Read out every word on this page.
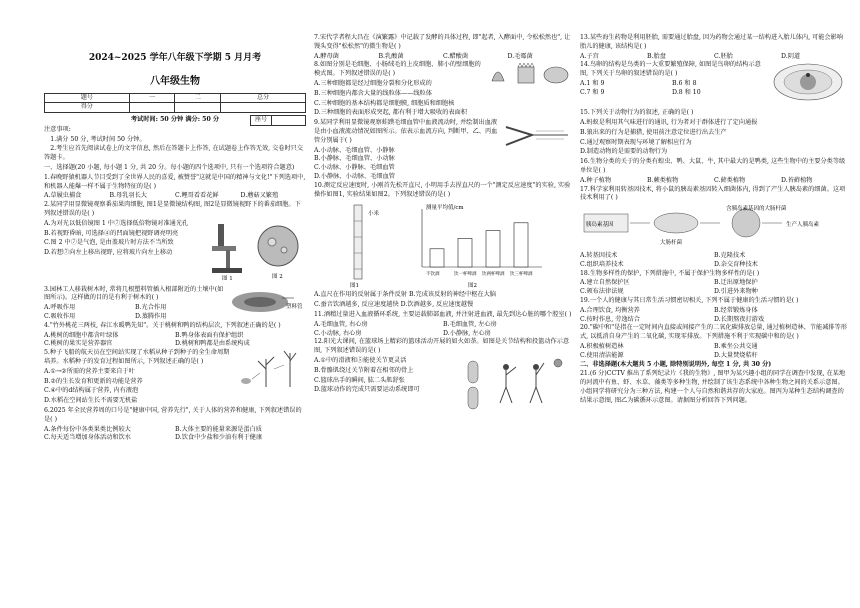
2024~2025 学年八年级下学期 5 月月考
八年级生物
座号	
题号	一	二	总分
得分			

考试时间: 50 分钟 满分: 50 分

注意事项:

1.满分 50 分, 考试时间 50 分钟。

2.考生应首先阅读试卷上的文字信息, 然后在答题卡上作答, 在试题卷上作答无效, 交卷时只交答题卡。

一、选择题(20 小题, 每小题 1 分, 共 20 分。每小题的四个选项中, 只有一个选项符合题意)

1.春晚野猿机器人节目受到了全世界人民的喜爱, 被赞誉"这就是中国的精神与文化!"下列选项中, 和机器人能爆一样不属于生物特征的是( )

A.草履虫捕食	B.母乳羽长大	C.鲤哥看看花鲜	D.蘑菇又繁殖

2.某同学用显微镜观察番茄果肉细胞, 图1是显微镜结构图, 图2是显微镜视野下的番茄细胞。下列叙述错误的是( )

图 1	图 2

A.为对光以低倍镜图 1 中⑦选择低倍物镜对准通光孔

B.若视野昏暗, 可选择④的凹面镜把视野调亮明亮

C.图 2 中⑦是气泡, 是由盖玻片时方法不当所致

D.若想⑦向左上移出视野, 应将玻片向左上移动

塑料管

3.园林工人移栽树木时, 常将几根塑料管插入根部附近的土壤中(如图所示)。这样做的目的是有利于树木的( )

A.呼吸作用	B.光合作用
C.吸收作用	D.蒸腾作用

4."竹外桃花三两枝, 春江水暖鸭先知"。关于桃树和鸭的结构层次, 下列叙述正确的是( )

A.桃树的细胞中都含叶绿体	B.鸭身体表面有保护组织
C.桃树的果实是营养器官	D.桃树和鸭都是由系统构成

5.种子飞船的航天员在空间站实现了水稻从种子到种子的全生命周期培养。水稻种子的发育过程如图所示, 下列叙述正确的是( )

A.①→②所需的营养主要来自于叶

B.②的生长发育和更新的功能是营养

C.④中的d结构属于营养, 内有液泡

D.水稻在空间站生长不需要无机盐

6.2025 年全民营养周的口号是"健康中国, 营养先行", 关于人体的营养和健康, 下列叙述错误的是( )

A.条件每份中各类果类比例较大	B.大体主要的能量来源是蛋白质
C.每天适当增加身体活动和饮水	D.饮食中少盐和少油有利于健康

7.宋代学者程大昌在《演繁露》中记载了发酵的具体过程, 即"起者, 入酵面中, 令松松然也", 让馒头变得"松松然"的微生物是( )

A.酵母菌	B.乳酸菌	C.醋酸菌	D.毛霉菌

8.如图分别是毛细胞、小肠绒毛的上皮细胞、肺小的壁细胞的模式图。下列叙述错误的是( )

A.三种细胞都是经过细胞分裂和分化形成的

B.三种细胞内都含大量的线粒体——线粒体

C.三种细胞的基本结构都是细胞膜, 细胞质和细胞核

D.三种细胞的表面形成突起, 都有利于增大吸收的表面积

9.某同学利用显微镜观察蛙蹼毛细血管中血液流动时, 并绘制出血液是由小血液流动情况如图所示。依表示血流方向, 判断甲、乙、丙血管分别属于( )

A.小动脉、毛细血管、小静脉
B.小静脉、毛细血管、小动脉
C.小动脉、小静脉、毛细血管
D.小静脉、小动脉、毛细血管

10.测定反应速度时, 小刚首先松开直尺, 小明用手去捏直尺的一个"测定反应速度"的实验, 实验操作如图1, 实验结果如图2。下列叙述错误的是( )

小米
图1
测量平均值/cm
不饮酒	饮一杯啤酒 饮两杯啤酒 饮三杯啤酒
图2

A.直尺在作用的反射属于条件反射 B.完成该反射的神经中枢在大脑

C.蚕音饮酒越多, 反应速度越快 D.饮酒越多, 反应速度越慢

11.酒精过量进入血液循环系统, 主要运载肺部血液, 并注射进血液, 最先到达心脏的哪个腔室( )

A.毛细血管, 右心房	B.毛细血管, 左心房
C.小动脉, 右心房	D.小静脉, 左心房

12.阳光大课间, 在篮球场上精彩的篮球活动开展的如火如荼。如图是关节结构和投篮动作示意图, 下列叙述错误的是( )

A.①中的滑液和⑤能使关节更灵活

B.骨骼肌绕过关节附着在相邻的骨上

C.篮球出手的瞬间, 肱二头肌舒张

D.篮球动作的完成只需要运动系统即可

13.某些海生药物是利用胚胎, 需要通过胎盘, 因为药物会通过某一结构进入胎儿体内, 可能会影响胎儿的健康, 该结构是( )

A.子宫	B.胎盘	C.胚胎	D.阴道

14.鸟卵的结构是鸟类的一大重要繁殖保障, 如图是鸟卵的结构示意图, 下列关于鸟卵的叙述错误的是( )

A.1 和 9	B.6 和 8
C.7 和 9	D.8 和 10

15.下列关于动物行为的叙述, 正确的是( )

A.蚂蚁是利用其气味进行的通讯, 行为者对于群体进行了定向通报

B.狼出来的行为是捕猎, 使用前注意定位进行出去生产

C.通过观察时期表现与环境了解相应行为

D.制造动物的是需要的动物行为

16.生物分类的关于的分类有蝗虫、鸭、大鼠、牛, 其中最大的是鸭类, 这些生物中的主要分类等级单位是( )

A.种子植物	B.蕨类植物	C.藓类植物	D.苔藓植物

17.科学家利用转基因技术, 将小鼠的胰岛素基因转入细菌体内, 得到了产生人胰岛素的细菌。这项技术利用了( )

胰岛素基因
大肠杆菌
含胰岛素基因的大肠杆菌
生产人胰岛素
A.转基因技术	B.克隆技术
C.组织培养技术	D.杂交育种技术

18.生物多样性的保护, 下列措施中, 不属于保护生物多样性的是( )

A.建立自然保护区	B.迁出原地保护
C.颁布法律法规	D.引进外来物种

19.一个人的健康与其日常生活习惯密切相关, 下列不属于健康的生活习惯的是( )

A.合理饮食, 均衡营养	B.经常锻炼身体
C.按时作息, 劳逸结合	D.长期熬夜打游戏

20."碳中和"是指在一定时间内直接或间接产生的二氧化碳排放总量, 通过植树造林、节能减排等形式, 以抵消自身产生的二氧化碳, 实现零排放。下列措施不利于实现碳中和的是( )

A.积极植树造林	B.乘坐公共交通
C.使用清洁能源	D.大量焚烧秸秆

二、非选择题(本大题共 5 小题, 除特别说明外, 每空 1 分, 共 30 分)

21.(6 分)CCTV 推出了系列纪录片《我的生物》, 图甲为某兴趣小组的同学在调查中发现, 在某地的河流中有鱼、虾、水草、藻类等多种生物, 并绘制了该生态系统中各种生物之间的关系示意图。小组同学将研究分为三种方法, 构建一个人与自然和谐共存的大家庭。图丙为某种生态结构调查的结果示意图, 图乙为碳循环示意图。请据图分析回答下列问题。
